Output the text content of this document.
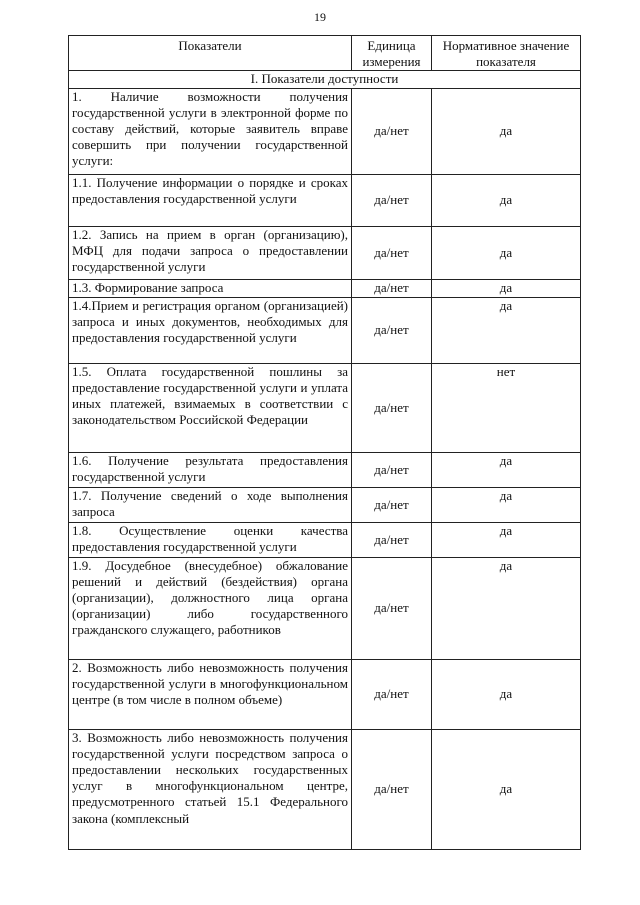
19
Показатели	Единица измерения	Нормативное значение показателя
I. Показатели доступности		
1. Наличие возможности получения государственной услуги в электронной форме по составу действий, которые заявитель вправе совершить при получении государственной услуги:	да/нет	да
1.1. Получение информации о порядке и сроках предоставления государственной услуги	да/нет	да
1.2. Запись на прием в орган (организацию), МФЦ для подачи запроса о предоставлении государственной услуги	да/нет	да
1.3. Формирование запроса	да/нет	да
1.4.Прием и регистрация органом (организацией) запроса и иных документов, необходимых для предоставления государственной услуги	да/нет	да
1.5. Оплата государственной пошлины за предоставление государственной услуги и уплата иных платежей, взимаемых в соответствии с законодательством Российской Федерации	да/нет	нет
1.6. Получение результата предоставления государственной услуги	да/нет	да
1.7. Получение сведений о ходе выполнения запроса	да/нет	да
1.8. Осуществление оценки качества предоставления государственной услуги	да/нет	да
1.9. Досудебное (внесудебное) обжалование решений и действий (бездействия) органа (организации), должностного лица органа (организации) либо государственного гражданского служащего, работников	да/нет	да
2. Возможность либо невозможность получения государственной услуги в многофункциональном центре (в том числе в полном объеме)	да/нет	да
3. Возможность либо невозможность получения государственной услуги посредством запроса о предоставлении нескольких государственных услуг в многофункциональном центре, предусмотренного статьей 15.1 Федерального закона (комплексный	да/нет	да
